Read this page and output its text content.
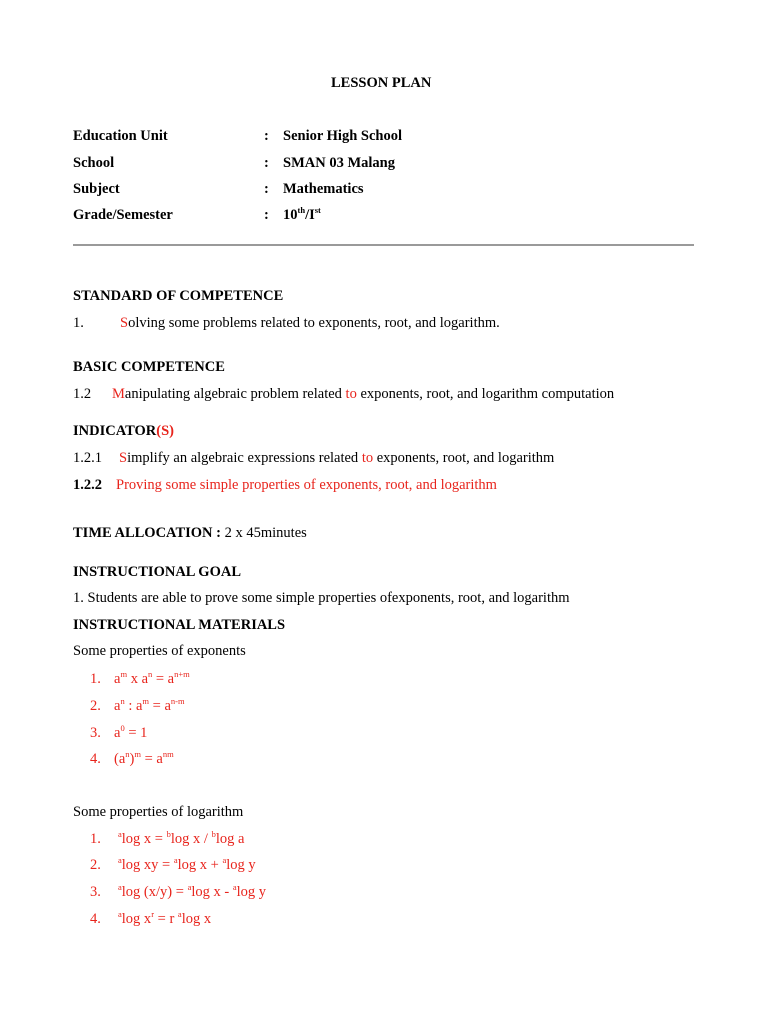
LESSON PLAN
Education Unit	: Senior High School
School	: SMAN 03 Malang
Subject	: Mathematics
Grade/Semester	: 10th/Ist
STANDARD OF COMPETENCE
1. Solving some problems related to exponents, root, and logarithm.
BASIC COMPETENCE
1.2 Manipulating algebraic problem related to exponents, root, and logarithm computation
INDICATOR(S)
1.2.1 Simplify an algebraic expressions related to exponents, root, and logarithm
1.2.2 Proving some simple properties of exponents, root, and logarithm
TIME ALLOCATION : 2 x 45minutes
INSTRUCTIONAL GOAL
1. Students are able to prove some simple properties ofexponents, root, and logarithm
INSTRUCTIONAL MATERIALS
Some properties of exponents
1. $a^m$ x $a^n = a^{n+m}$
2. $a^n$ : $a^m = a^{n-m}$
3. $a^0 = 1$
4. $(a^n)^m = a^{nm}$
Some properties of logarithm
1. $^a$log x = $^b$log x / $^b$log a
2. $^a$log xy = $^a$log x + $^a$log y
3. $^a$log (x/y) = $^a$log x - $^a$log y
4. $^a$log $x^r = r$ $^a$log x
